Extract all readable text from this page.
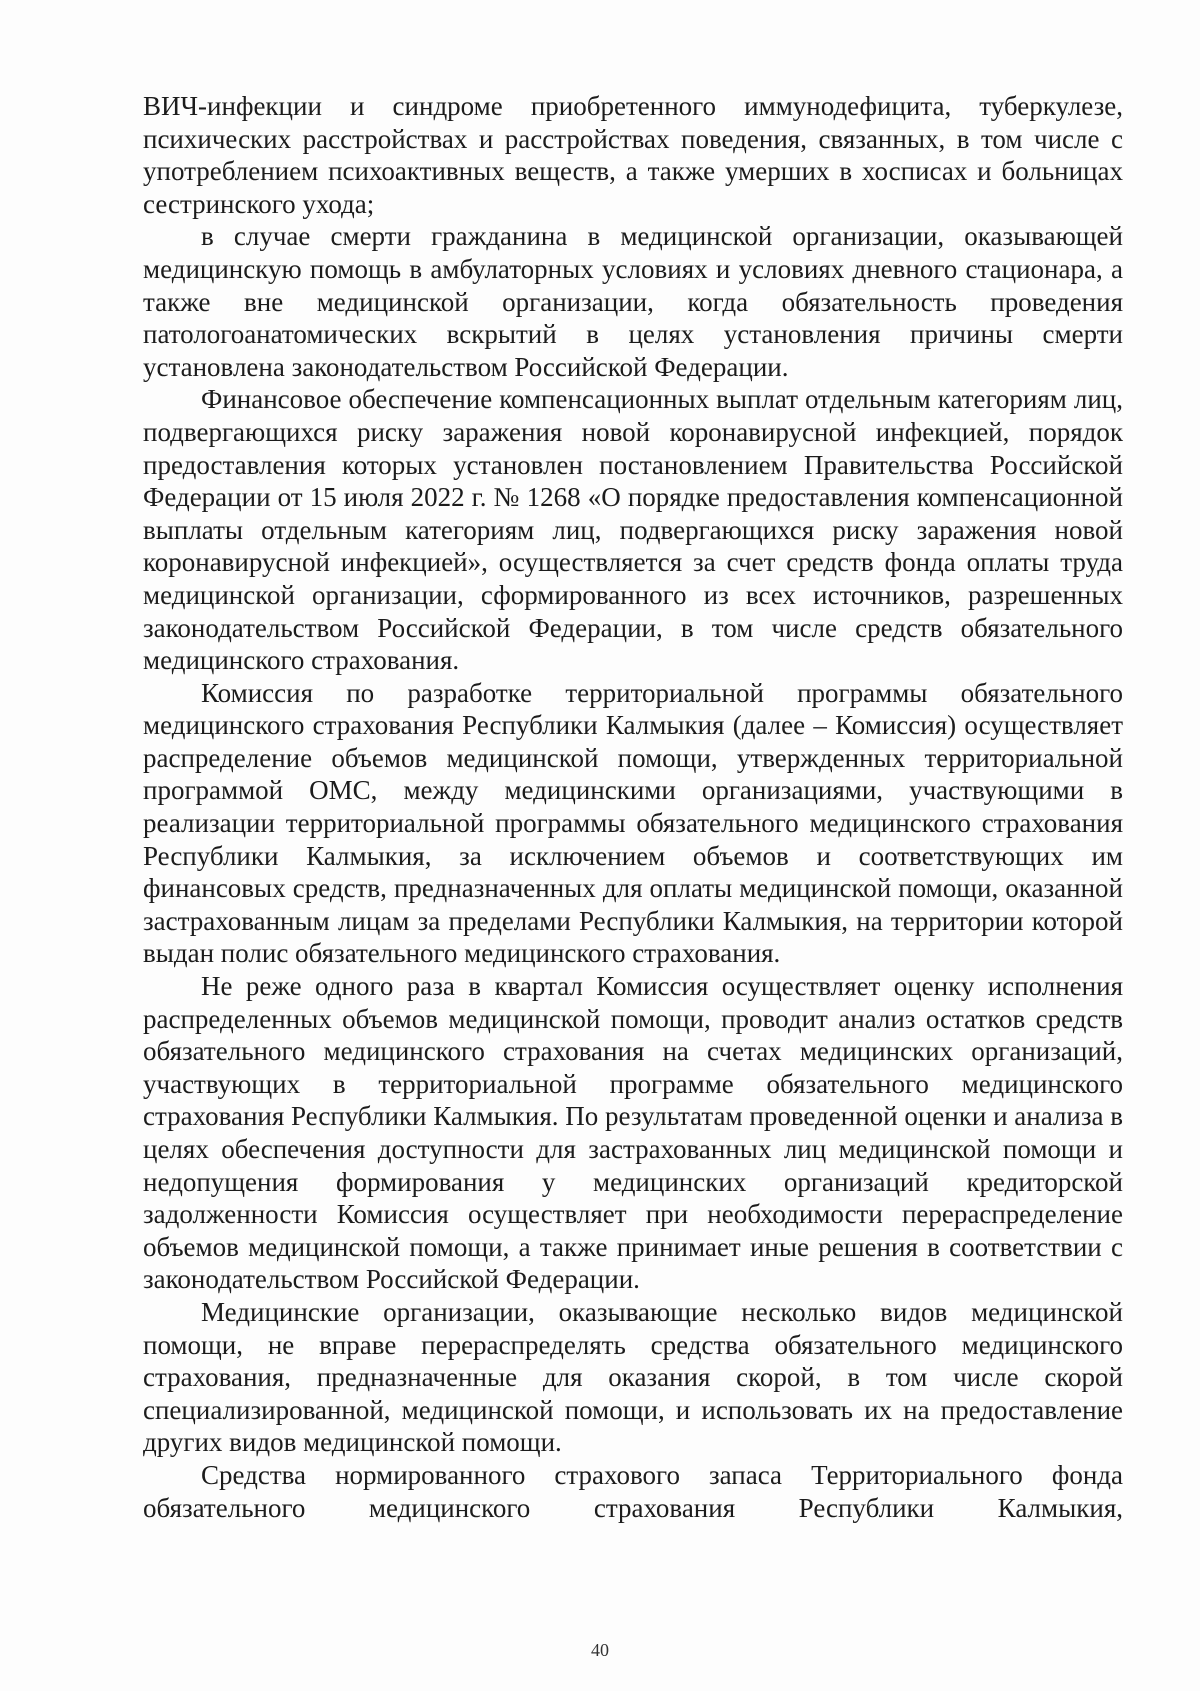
ВИЧ-инфекции и синдроме приобретенного иммунодефицита, туберкулезе, психических расстройствах и расстройствах поведения, связанных, в том числе с употреблением психоактивных веществ, а также умерших в хосписах и больницах сестринского ухода;

в случае смерти гражданина в медицинской организации, оказывающей медицинскую помощь в амбулаторных условиях и условиях дневного стационара, а также вне медицинской организации, когда обязательность проведения патологоанатомических вскрытий в целях установления причины смерти установлена законодательством Российской Федерации.

Финансовое обеспечение компенсационных выплат отдельным категориям лиц, подвергающихся риску заражения новой коронавирусной инфекцией, порядок предоставления которых установлен постановлением Правительства Российской Федерации от 15 июля 2022 г. № 1268 «О порядке предоставления компенсационной выплаты отдельным категориям лиц, подвергающихся риску заражения новой коронавирусной инфекцией», осуществляется за счет средств фонда оплаты труда медицинской организации, сформированного из всех источников, разрешенных законодательством Российской Федерации, в том числе средств обязательного медицинского страхования.

Комиссия по разработке территориальной программы обязательного медицинского страхования Республики Калмыкия (далее – Комиссия) осуществляет распределение объемов медицинской помощи, утвержденных территориальной программой ОМС, между медицинскими организациями, участвующими в реализации территориальной программы обязательного медицинского страхования Республики Калмыкия, за исключением объемов и соответствующих им финансовых средств, предназначенных для оплаты медицинской помощи, оказанной застрахованным лицам за пределами Республики Калмыкия, на территории которой выдан полис обязательного медицинского страхования.

Не реже одного раза в квартал Комиссия осуществляет оценку исполнения распределенных объемов медицинской помощи, проводит анализ остатков средств обязательного медицинского страхования на счетах медицинских организаций, участвующих в территориальной программе обязательного медицинского страхования Республики Калмыкия. По результатам проведенной оценки и анализа в целях обеспечения доступности для застрахованных лиц медицинской помощи и недопущения формирования у медицинских организаций кредиторской задолженности Комиссия осуществляет при необходимости перераспределение объемов медицинской помощи, а также принимает иные решения в соответствии с законодательством Российской Федерации.

Медицинские организации, оказывающие несколько видов медицинской помощи, не вправе перераспределять средства обязательного медицинского страхования, предназначенные для оказания скорой, в том числе скорой специализированной, медицинской помощи, и использовать их на предоставление других видов медицинской помощи.

Средства нормированного страхового запаса Территориального фонда обязательного медицинского страхования Республики Калмыкия,

40
